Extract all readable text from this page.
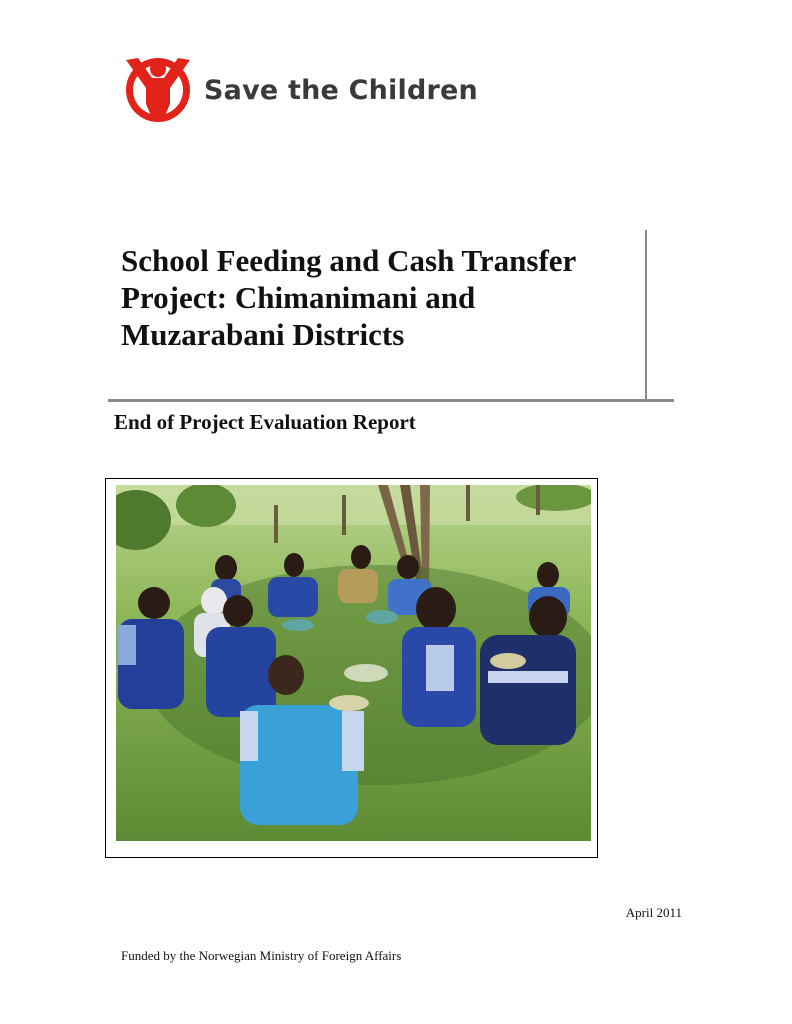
Save the Children
School Feeding and Cash Transfer Project: Chimanimani and Muzarabani Districts
End of Project Evaluation Report

April 2011

Funded by the Norwegian Ministry of Foreign Affairs
